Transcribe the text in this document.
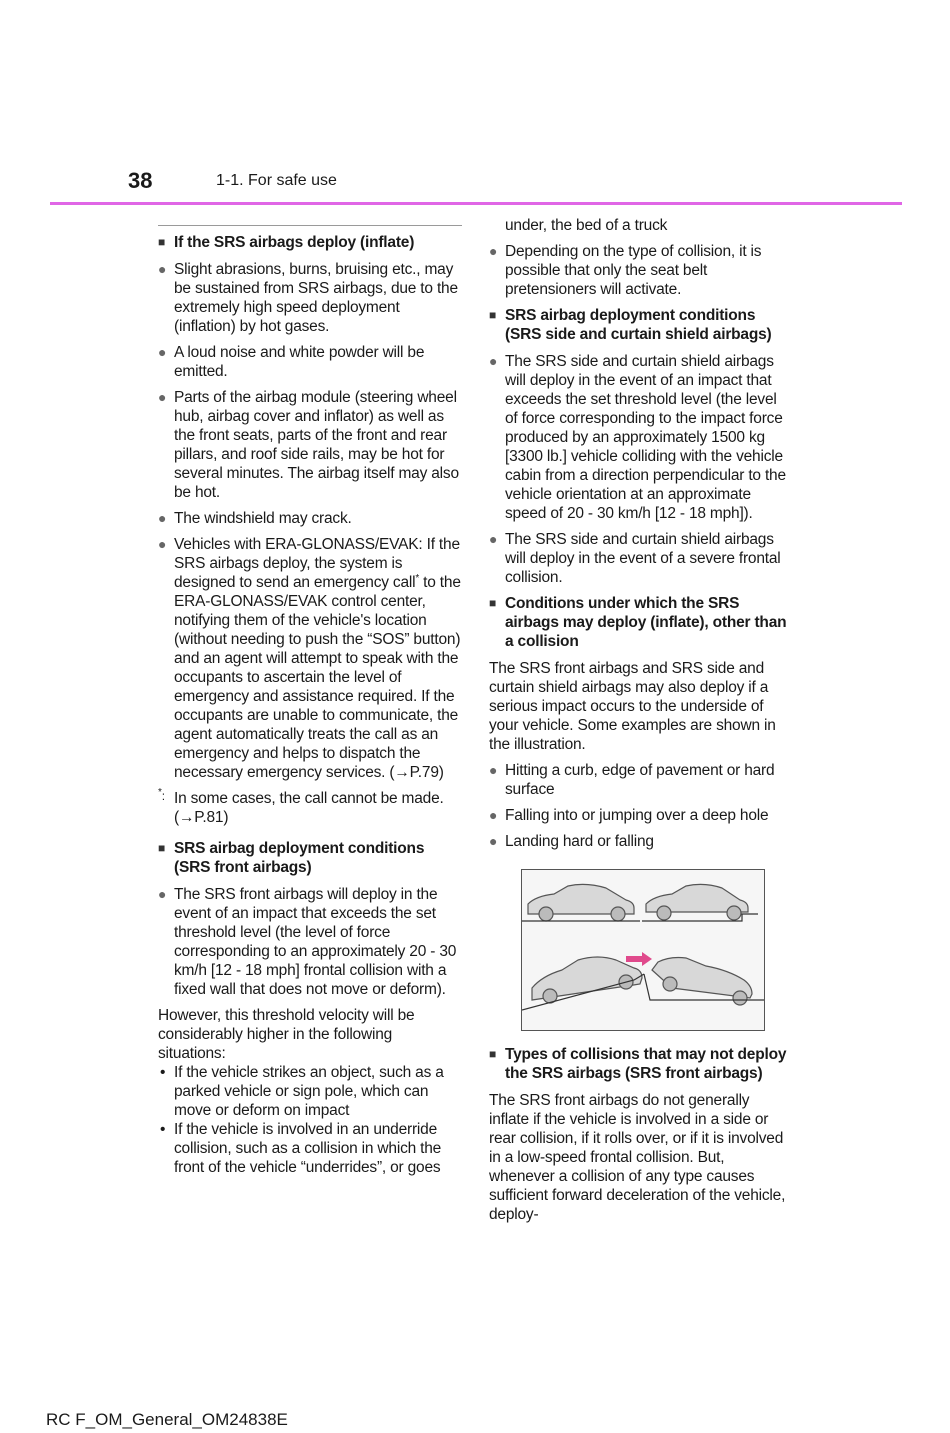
38	1-1. For safe use
■ If the SRS airbags deploy (inflate)
● Slight abrasions, burns, bruising etc., may be sustained from SRS airbags, due to the extremely high speed deployment (inflation) by hot gases.
● A loud noise and white powder will be emitted.
● Parts of the airbag module (steering wheel hub, airbag cover and inflator) as well as the front seats, parts of the front and rear pillars, and roof side rails, may be hot for several minutes. The airbag itself may also be hot.
● The windshield may crack.
● Vehicles with ERA-GLONASS/EVAK: If the SRS airbags deploy, the system is designed to send an emergency call* to the ERA-GLONASS/EVAK control center, notifying them of the vehicle's location (without needing to push the “SOS” button) and an agent will attempt to speak with the occupants to ascertain the level of emergency and assistance required. If the occupants are unable to communicate, the agent automatically treats the call as an emergency and helps to dispatch the necessary emergency services. (→P.79)
*: In some cases, the call cannot be made. (→P.81)
■ SRS airbag deployment conditions (SRS front airbags)
● The SRS front airbags will deploy in the event of an impact that exceeds the set threshold level (the level of force corresponding to an approximately 20 - 30 km/h [12 - 18 mph] frontal collision with a fixed wall that does not move or deform).
However, this threshold velocity will be considerably higher in the following situations:
• If the vehicle strikes an object, such as a parked vehicle or sign pole, which can move or deform on impact
• If the vehicle is involved in an underride collision, such as a collision in which the front of the vehicle “underrides”, or goes
under, the bed of a truck
● Depending on the type of collision, it is possible that only the seat belt pretensioners will activate.
■ SRS airbag deployment conditions (SRS side and curtain shield airbags)
● The SRS side and curtain shield airbags will deploy in the event of an impact that exceeds the set threshold level (the level of force corresponding to the impact force produced by an approximately 1500 kg [3300 lb.] vehicle colliding with the vehicle cabin from a direction perpendicular to the vehicle orientation at an approximate speed of 20 - 30 km/h [12 - 18 mph]).
● The SRS side and curtain shield airbags will deploy in the event of a severe frontal collision.
■ Conditions under which the SRS airbags may deploy (inflate), other than a collision
The SRS front airbags and SRS side and curtain shield airbags may also deploy if a serious impact occurs to the underside of your vehicle. Some examples are shown in the illustration.
● Hitting a curb, edge of pavement or hard surface
● Falling into or jumping over a deep hole
● Landing hard or falling
■ Types of collisions that may not deploy the SRS airbags (SRS front airbags)
The SRS front airbags do not generally inflate if the vehicle is involved in a side or rear collision, if it rolls over, or if it is involved in a low-speed frontal collision. But, whenever a collision of any type causes sufficient forward deceleration of the vehicle, deploy-
RC F_OM_General_OM24838E
